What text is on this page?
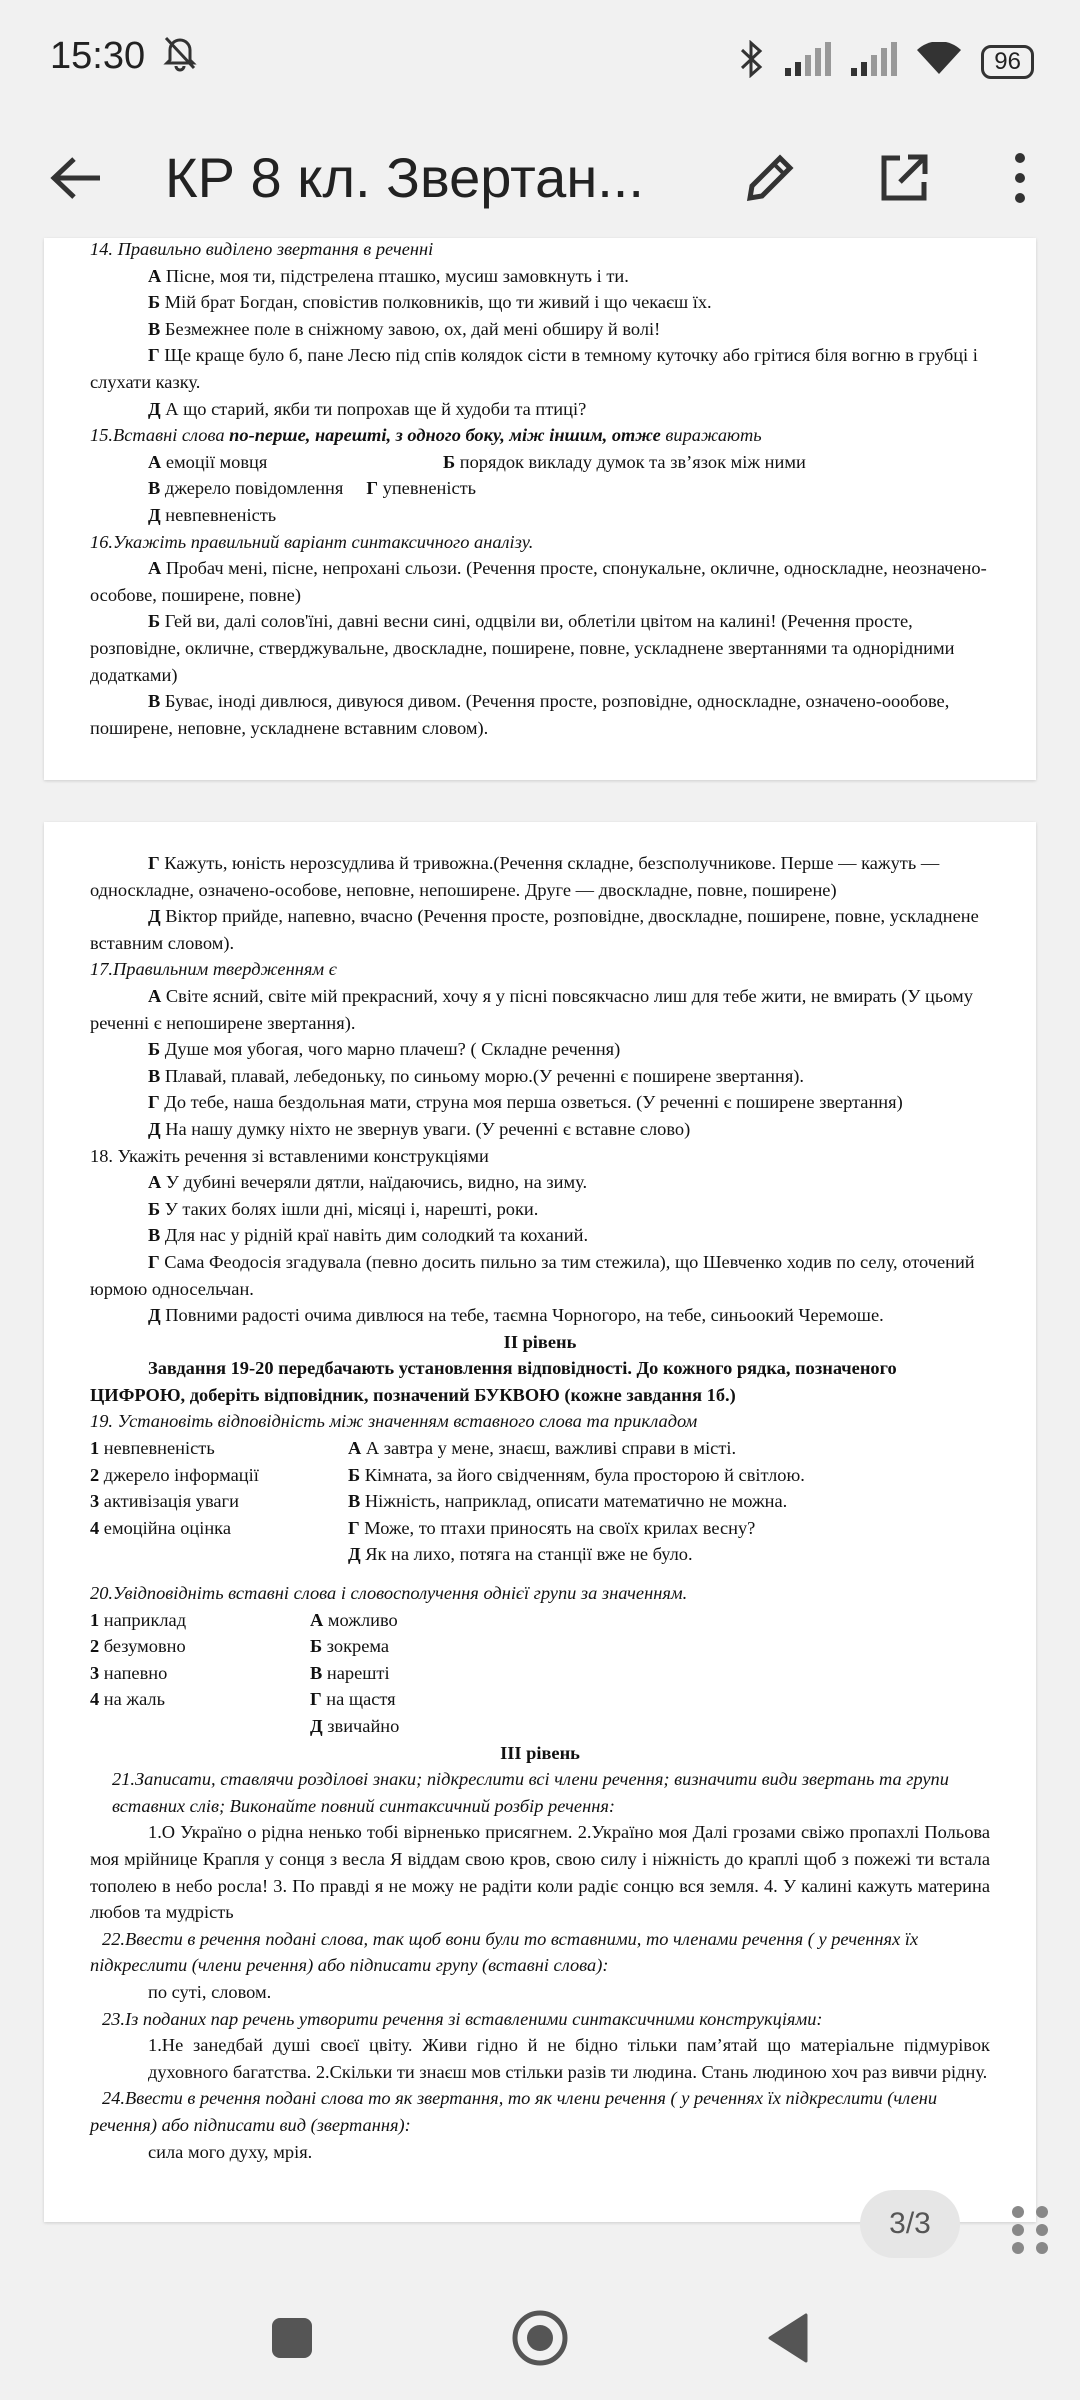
15:30	96
КР 8 кл. Звертан...

14. Правильно виділено звертання в реченні

А Пісне, моя ти, підстрелена пташко, мусиш замовкнуть і ти.

Б Мій брат Богдан, сповістив полковників, що ти живий і що чекаєш їх.

В Безмежнее поле в сніжному завою, ох, дай мені обширу й волі!

Г Ще краще було б, пане Лесю під спів колядок сісти в темному куточку або грітися біля вогню в грубці і слухати казку.

Д А що старий, якби ти попрохав ще й худоби та птиці?

15.Вставні слова по-перше, нарешті, з одного боку, між іншим, отже виражають

А емоції мовця	Б порядок викладу думок та зв’язок між ними

В джерело повідомлення Г упевненість

Д невпевненість

16.Укажіть правильний варіант синтаксичного аналізу.

А Пробач мені, пісне, непрохані сльози. (Речення просте, спонукальне, окличне, односкладне, неозначено-особове, поширене, повне)

Б Гей ви, далі солов'їні, давні весни сині, одцвіли ви, облетіли цвітом на калині! (Речення просте, розповідне, окличне, стверджувальне, двоскладне, поширене, повне, ускладнене звертаннями та однорідними додатками)

В Буває, іноді дивлюся, дивуюся дивом. (Речення просте, розповідне, односкладне, означено-оообове, поширене, неповне, ускладнене вставним словом).

Г Кажуть, юність нерозсудлива й тривожна.(Речення складне, безсполучникове. Перше — кажуть — односкладне, означено-особове, неповне, непоширене. Друге — двоскладне, повне, поширене)

Д Віктор прийде, напевно, вчасно (Речення просте, розповідне, двоскладне, поширене, повне, ускладнене вставним словом).

17.Правильним твердженням є

А Світе ясний, світе мій прекрасний, хочу я у пісні повсякчасно лиш для тебе жити, не вмирать (У цьому реченні є непоширене звертання).

Б Душе моя убогая, чого марно плачеш? ( Складне речення)

В Плавай, плавай, лебедоньку, по синьому морю.(У реченні є поширене звертання).

Г До тебе, наша бездольная мати, струна моя перша озветься. (У реченні є поширене звертання)

Д На нашу думку ніхто не звернув уваги. (У реченні є вставне слово)

18. Укажіть речення зі вставленими конструкціями

А У дубині вечеряли дятли, наїдаючись, видно, на зиму.

Б У таких болях ішли дні, місяці і, нарешті, роки.

В Для нас у рідній краї навіть дим солодкий та коханий.

Г Сама Феодосія згадувала (певно досить пильно за тим стежила), що Шевченко ходив по селу, оточений юрмою односельчан.

Д Повними радості очима дивлюся на тебе, таємна Чорногоро, на тебе, синьоокий Черемоше.

ІІ рівень

Завдання 19-20 передбачають установлення відповідності. До кожного рядка, позначеного ЦИФРОЮ, доберіть відповідник, позначений БУКВОЮ (кожне завдання 1б.)

19. Установіть відповідність між значенням вставного слова та прикладом

1 невпевненість

2 джерело інформації

3 активізація уваги

4 емоційна оцінка

А А завтра у мене, знаєш, важливі справи в місті.

Б Кімната, за його свідченням, була просторою й світлою.

В Ніжність, наприклад, описати математично не можна.

Г Може, то птахи приносять на своїх крилах весну?

Д Як на лихо, потяга на станції вже не було.

20.Увідповідніть вставні слова і словосполучення однієї групи за значенням.

1 наприклад

2 безумовно

3 напевно

4 на жаль

А можливо

Б зокрема

В нарешті

Г на щастя

Д звичайно

ІІІ рівень

21.Записати, ставлячи розділові знаки; підкреслити всі члени речення; визначити види звертань та групи вставних слів; Виконайте повний синтаксичний розбір речення:

1.О Україно о рідна ненько тобі вірненько присягнем. 2.Україно моя Далі грозами свіжо пропахлі Польова моя мрійнице Крапля у сонця з весла Я віддам свою кров, свою силу і ніжність до краплі щоб з пожежі ти встала тополею в небо росла! 3. По правді я не можу не радіти коли радіє сонцю вся земля. 4. У калині кажуть материна любов та мудрість

22.Ввести в речення подані слова, так щоб вони були то вставними, то членами речення ( у реченнях їх підкреслити (члени речення) або підписати групу (вставні слова):

по суті, словом.

23.Із поданих пар речень утворити речення зі вставленими синтаксичними конструкціями:

1.Не занедбай душі своєї цвіту. Живи гідно й не бідно тільки пам’ятай що матеріальне підмурівок духовного багатства. 2.Скільки ти знаєш мов стільки разів ти людина. Стань людиною хоч раз вивчи рідну.

24.Ввести в речення подані слова то як звертання, то як члени речення ( у реченнях їх підкреслити (члени речення) або підписати вид (звертання):

сила мого духу, мрія.

3/3
